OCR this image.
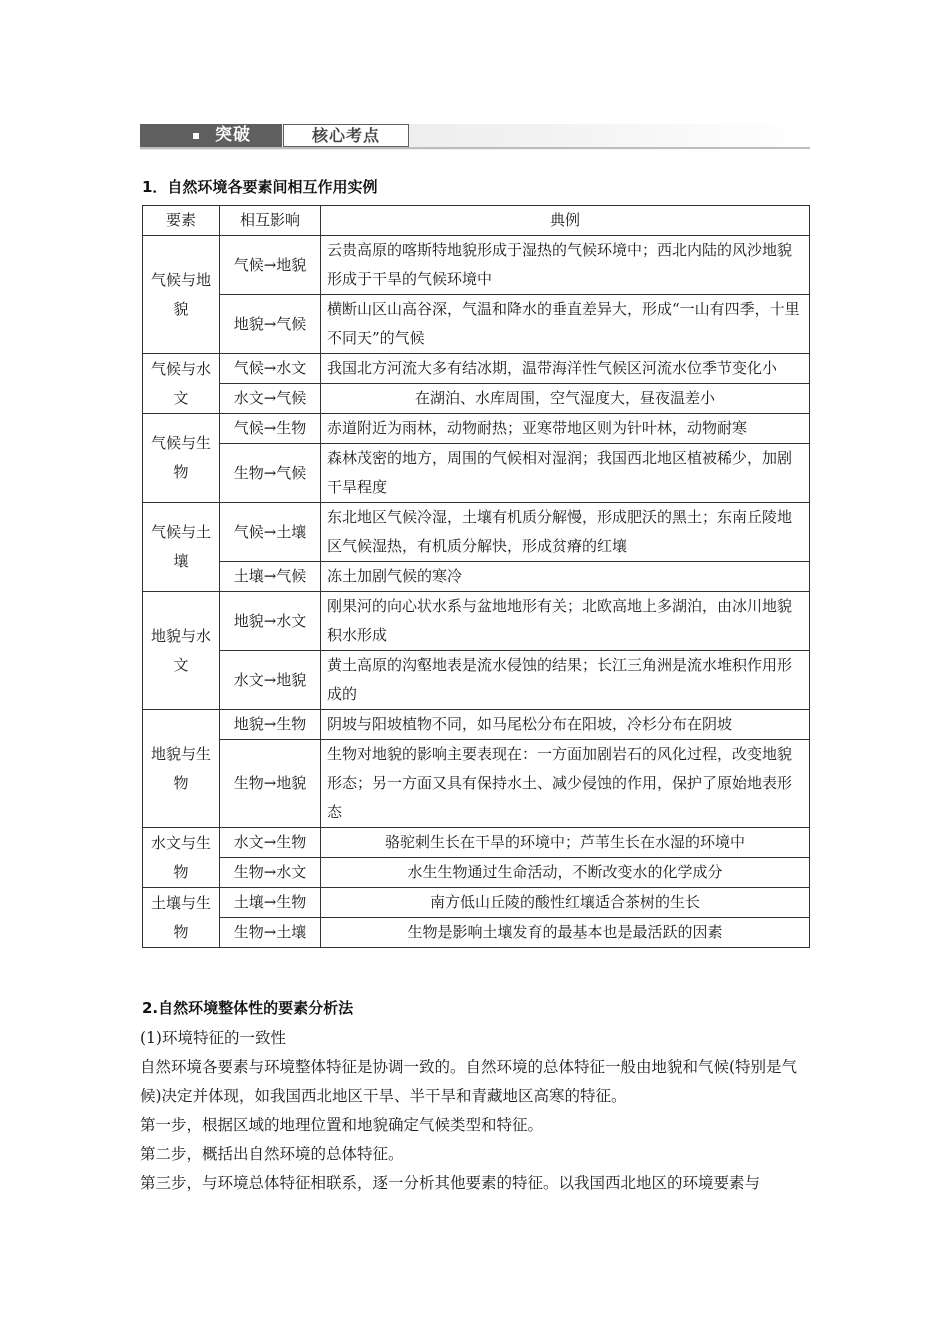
突破	核心考点
1．自然环境各要素间相互作用实例
要素	相互影响	典例
气候与地貌	气候→地貌	云贵高原的喀斯特地貌形成于湿热的气候环境中；西北内陆的风沙地貌形成于干旱的气候环境中
	地貌→气候	横断山区山高谷深，气温和降水的垂直差异大，形成“一山有四季，十里不同天”的气候
气候与水文	气候→水文	我国北方河流大多有结冰期，温带海洋性气候区河流水位季节变化小
	水文→气候	在湖泊、水库周围，空气湿度大，昼夜温差小
气候与生物	气候→生物	赤道附近为雨林，动物耐热；亚寒带地区则为针叶林，动物耐寒
	生物→气候	森林茂密的地方，周围的气候相对湿润；我国西北地区植被稀少，加剧干旱程度
气候与土壤	气候→土壤	东北地区气候冷湿，土壤有机质分解慢，形成肥沃的黑土；东南丘陵地区气候湿热，有机质分解快，形成贫瘠的红壤
	土壤→气候	冻土加剧气候的寒冷
地貌与水文	地貌→水文	刚果河的向心状水系与盆地地形有关；北欧高地上多湖泊，由冰川地貌积水形成
	水文→地貌	黄土高原的沟壑地表是流水侵蚀的结果；长江三角洲是流水堆积作用形成的
地貌与生物	地貌→生物	阴坡与阳坡植物不同，如马尾松分布在阳坡，冷杉分布在阴坡
	生物→地貌	生物对地貌的影响主要表现在：一方面加剧岩石的风化过程，改变地貌形态；另一方面又具有保持水土、减少侵蚀的作用，保护了原始地表形态
水文与生物	水文→生物	骆驼刺生长在干旱的环境中；芦苇生长在水湿的环境中
	生物→水文	水生生物通过生命活动，不断改变水的化学成分
土壤与生物	土壤→生物	南方低山丘陵的酸性红壤适合茶树的生长
	生物→土壤	生物是影响土壤发育的最基本也是最活跃的因素
2.自然环境整体性的要素分析法
(1)环境特征的一致性
自然环境各要素与环境整体特征是协调一致的。自然环境的总体特征一般由地貌和气候(特别是气候)决定并体现，如我国西北地区干旱、半干旱和青藏地区高寒的特征。
第一步，根据区域的地理位置和地貌确定气候类型和特征。
第二步，概括出自然环境的总体特征。
第三步，与环境总体特征相联系，逐一分析其他要素的特征。以我国西北地区的环境要素与
